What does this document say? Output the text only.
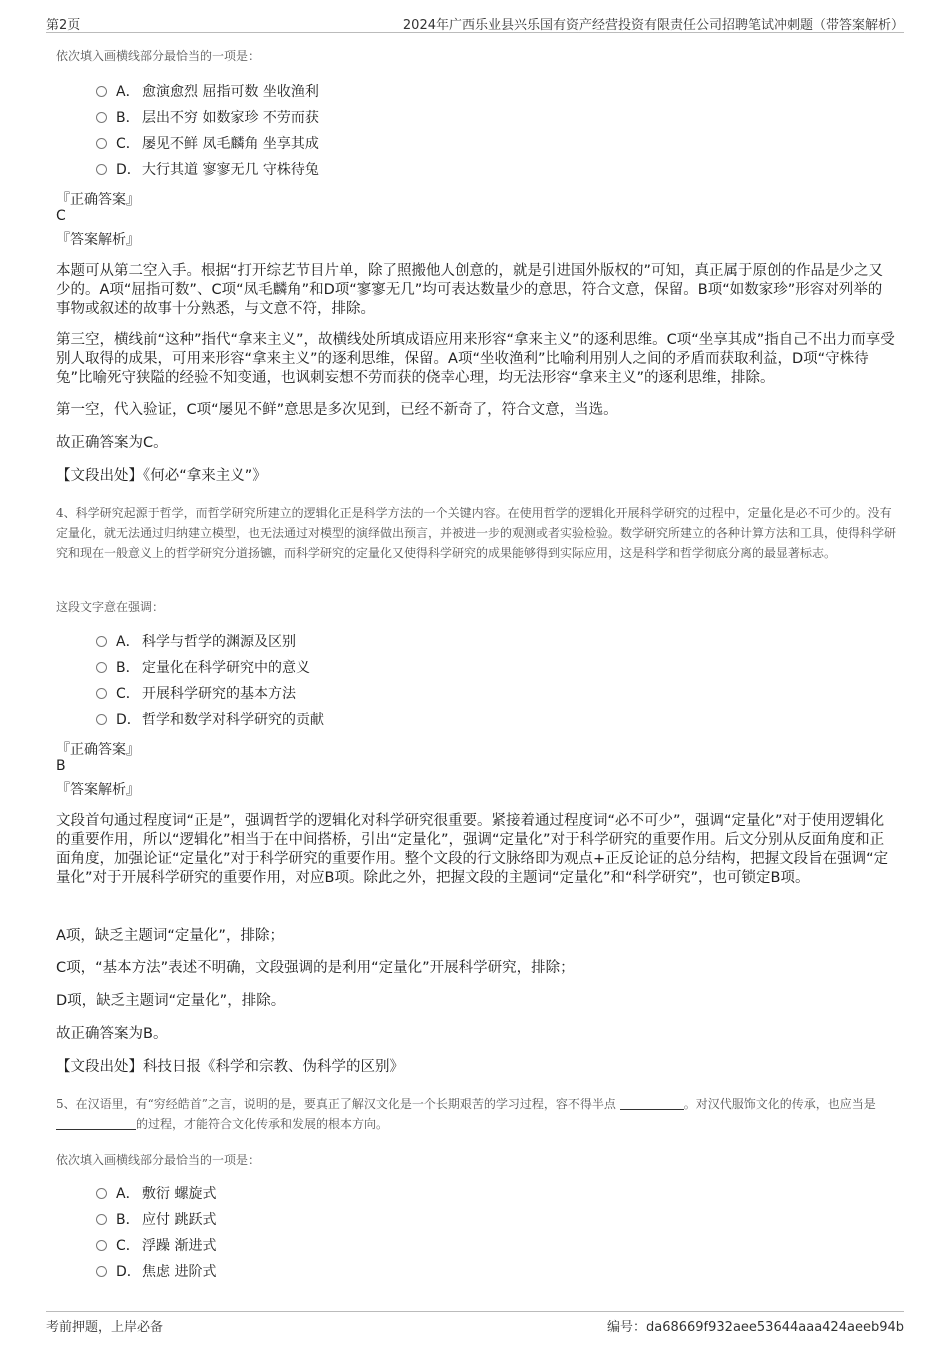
第2页	2024年广西乐业县兴乐国有资产经营投资有限责任公司招聘笔试冲刺题（带答案解析）

依次填入画横线部分最恰当的一项是：

A． 愈演愈烈 屈指可数 坐收渔利
B． 层出不穷 如数家珍 不劳而获
C． 屡见不鲜 凤毛麟角 坐享其成
D．大行其道 寥寥无几 守株待兔

『正确答案』

C

『答案解析』

本题可从第二空入手。根据“打开综艺节目片单，除了照搬他人创意的，就是引进国外版权的”可知，真正属于原创的作品是少之又少的。A项“屈指可数”、C项“凤毛麟角”和D项“寥寥无几”均可表达数量少的意思，符合文意，保留。B项“如数家珍”形容对列举的事物或叙述的故事十分熟悉，与文意不符，排除。

第三空，横线前“这种”指代“拿来主义”，故横线处所填成语应用来形容“拿来主义”的逐利思维。C项“坐享其成”指自己不出力而享受别人取得的成果，可用来形容“拿来主义”的逐利思维，保留。A项“坐收渔利”比喻利用别人之间的矛盾而获取利益，D项“守株待兔”比喻死守狭隘的经验不知变通，也讽刺妄想不劳而获的侥幸心理，均无法形容“拿来主义”的逐利思维，排除。

第一空，代入验证，C项“屡见不鲜”意思是多次见到，已经不新奇了，符合文意，当选。

故正确答案为C。

【文段出处】《何必“拿来主义”》

4、科学研究起源于哲学，而哲学研究所建立的逻辑化正是科学方法的一个关键内容。在使用哲学的逻辑化开展科学研究的过程中，定量化是必不可少的。没有定量化，就无法通过归纳建立模型，也无法通过对模型的演绎做出预言，并被进一步的观测或者实验检验。数学研究所建立的各种计算方法和工具，使得科学研究和现在一般意义上的哲学研究分道扬镳，而科学研究的定量化又使得科学研究的成果能够得到实际应用，这是科学和哲学彻底分离的最显著标志。

这段文字意在强调：

A． 科学与哲学的渊源及区别
B． 定量化在科学研究中的意义
C． 开展科学研究的基本方法
D．哲学和数学对科学研究的贡献

『正确答案』

B

『答案解析』

文段首句通过程度词“正是”，强调哲学的逻辑化对科学研究很重要。紧接着通过程度词“必不可少”，强调“定量化”对于使用逻辑化的重要作用，所以“逻辑化”相当于在中间搭桥，引出“定量化”，强调“定量化”对于科学研究的重要作用。后文分别从反面角度和正面角度，加强论证“定量化”对于科学研究的重要作用。整个文段的行文脉络即为观点+正反论证的总分结构，把握文段旨在强调“定量化”对于开展科学研究的重要作用，对应B项。除此之外，把握文段的主题词“定量化”和“科学研究”，也可锁定B项。

A项，缺乏主题词“定量化”，排除；

C项，“基本方法”表述不明确，文段强调的是利用“定量化”开展科学研究，排除；

D项，缺乏主题词“定量化”，排除。

故正确答案为B。

【文段出处】科技日报《科学和宗教、伪科学的区别》

5、在汉语里，有“穷经皓首”之言，说明的是，要真正了解汉文化是一个长期艰苦的学习过程，容不得半点	。对汉代服饰文化的传承，也应当是 的过程，才能符合文化传承和发展的根本方向。

依次填入画横线部分最恰当的一项是：

A． 敷衍 螺旋式
B． 应付 跳跃式
C． 浮躁 渐进式
D．焦虑 进阶式
考前押题，上岸必备	编号：da68669f932aee53644aaa424aeeb94b
